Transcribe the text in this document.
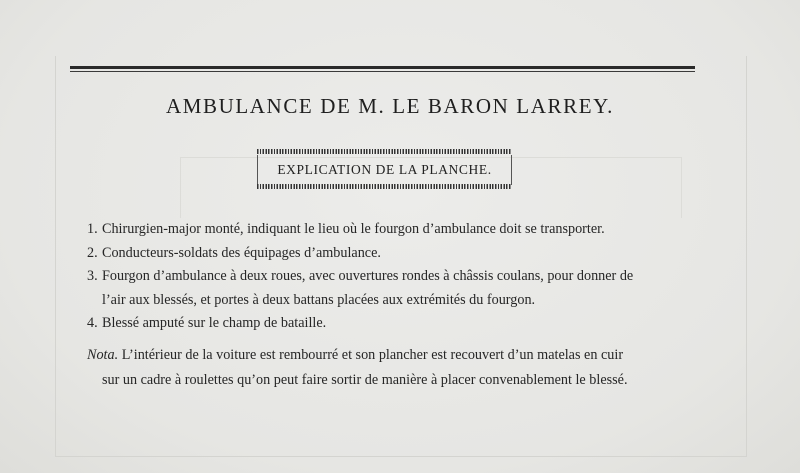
AMBULANCE DE M. LE BARON LARREY.
EXPLICATION DE LA PLANCHE.
1. Chirurgien-major monté, indiquant le lieu où le fourgon d’ambulance doit se transporter.
2. Conducteurs-soldats des équipages d’ambulance.
3. Fourgon d’ambulance à deux roues, avec ouvertures rondes à châssis coulans, pour donner de
l’air aux blessés, et portes à deux battans placées aux extrémités du fourgon.
4. Blessé amputé sur le champ de bataille.
Nota. L’intérieur de la voiture est rembourré et son plancher est recouvert d’un matelas en cuir
sur un cadre à roulettes qu’on peut faire sortir de manière à placer convenablement le blessé.
